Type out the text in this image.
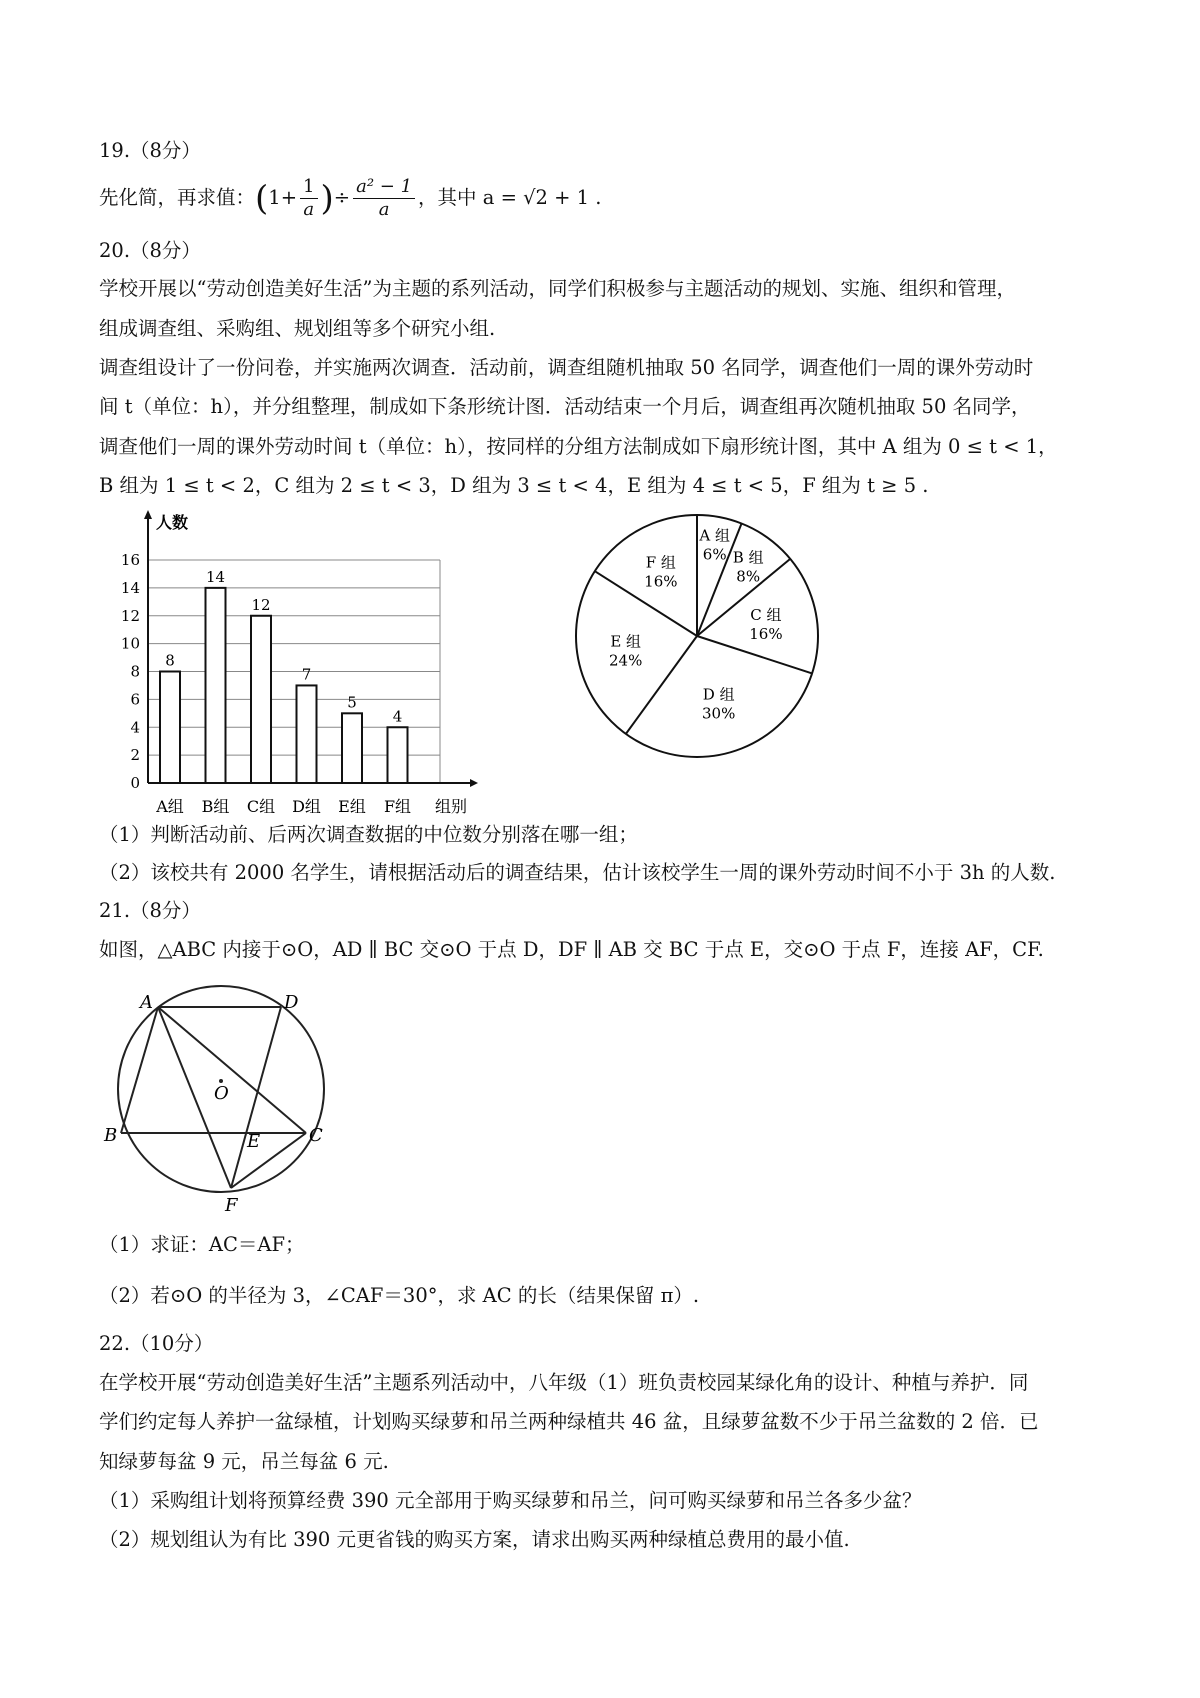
19.（8分）
先化简，再求值：($1+ \frac{1}{a}$ )÷ $\frac{\text{a² − 1}}{a}$ ，其中 a = √2 + 1 .
20.（8分）
学校开展以“劳动创造美好生活”为主题的系列活动，同学们积极参与主题活动的规划、实施、组织和管理，
组成调查组、采购组、规划组等多个研究小组.
调查组设计了一份问卷，并实施两次调查．活动前，调查组随机抽取 50 名同学，调查他们一周的课外劳动时
间 t（单位：h），并分组整理，制成如下条形统计图．活动结束一个月后，调查组再次随机抽取 50 名同学，
调查他们一周的课外劳动时间 t（单位：h），按同样的分组方法制成如下扇形统计图，其中 A 组为 0 ≤ t < 1，
B 组为 1 ≤ t < 2，C 组为 2 ≤ t < 3，D 组为 3 ≤ t < 4，E 组为 4 ≤ t < 5，F 组为 t ≥ 5 .
0
2
4
6
8
10
12
14
16
人数
组别
8
A组
14
B组
12
C组
7
D组
5
E组
4
F组
A 组
6% B 组
8%
C 组
16%
D 组
30%
E 组
24%
F 组
16%
（1）判断活动前、后两次调查数据的中位数分别落在哪一组；
（2）该校共有 2000 名学生，请根据活动后的调查结果，估计该校学生一周的课外劳动时间不小于 3h 的人数.
21.（8分）
如图，△ABC 内接于⊙O，AD ∥ BC 交⊙O 于点 D，DF ∥ AB 交 BC 于点 E，交⊙O 于点 F，连接 AF，CF.
A	D
O
B	E	C
F
（1）求证：AC＝AF；
（2）若⊙O 的半径为 3，∠CAF＝30°，求 AC 的长（结果保留 π）.
22.（10分）
在学校开展“劳动创造美好生活”主题系列活动中，八年级（1）班负责校园某绿化角的设计、种植与养护．同
学们约定每人养护一盆绿植，计划购买绿萝和吊兰两种绿植共 46 盆，且绿萝盆数不少于吊兰盆数的 2 倍．已
知绿萝每盆 9 元，吊兰每盆 6 元.
（1）采购组计划将预算经费 390 元全部用于购买绿萝和吊兰，问可购买绿萝和吊兰各多少盆？
（2）规划组认为有比 390 元更省钱的购买方案，请求出购买两种绿植总费用的最小值.
